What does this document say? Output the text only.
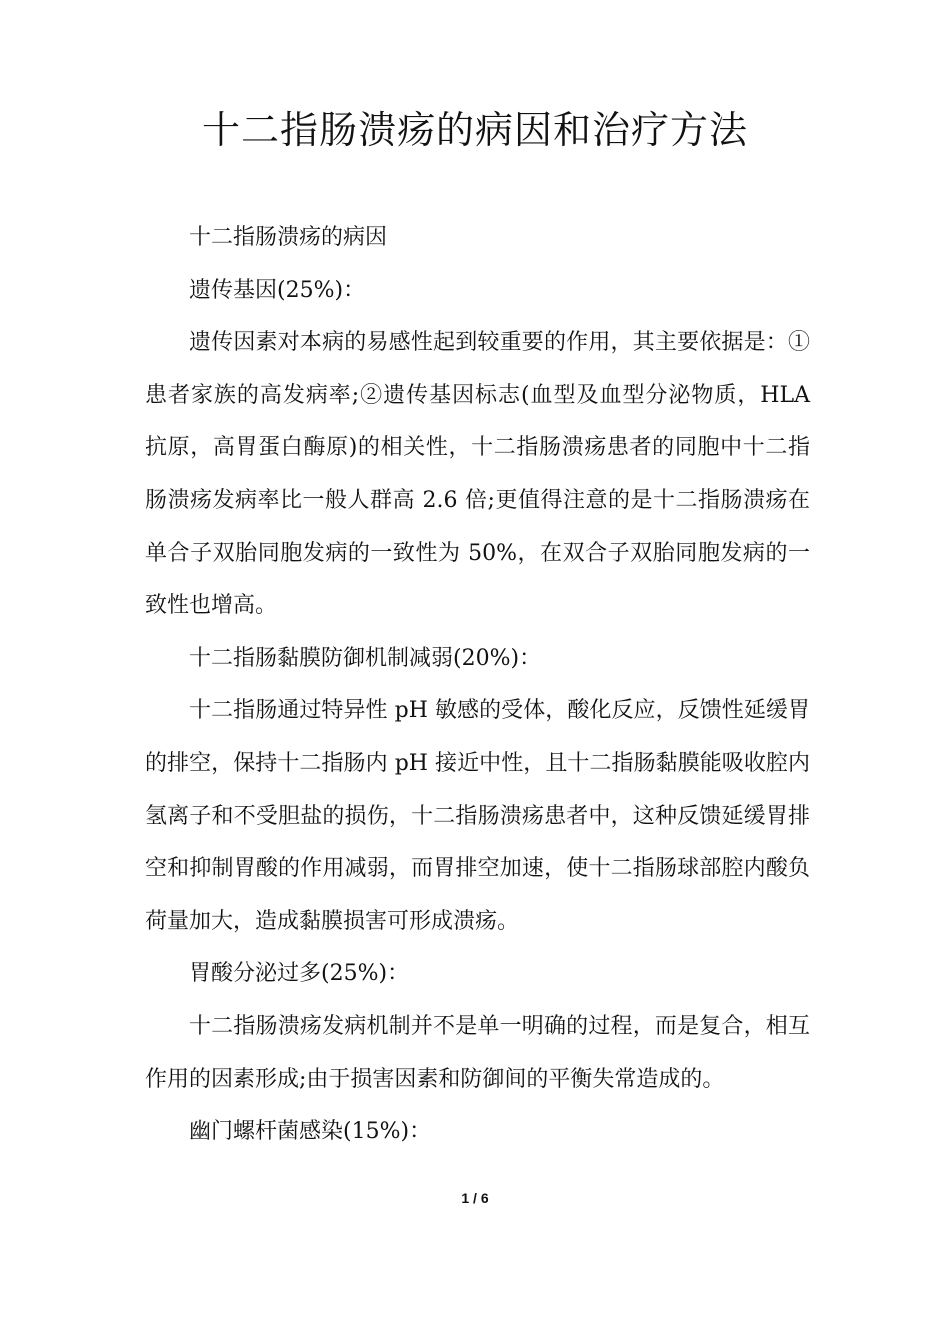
十二指肠溃疡的病因和治疗方法

十二指肠溃疡的病因

遗传基因(25%)：

遗传因素对本病的易感性起到较重要的作用，其主要依据是：①患者家族的高发病率;②遗传基因标志(血型及血型分泌物质，HLA 抗原，高胃蛋白酶原)的相关性，十二指肠溃疡患者的同胞中十二指肠溃疡发病率比一般人群高 2.6 倍;更值得注意的是十二指肠溃疡在单合子双胎同胞发病的一致性为 50%，在双合子双胎同胞发病的一致性也增高。

十二指肠黏膜防御机制减弱(20%)：

十二指肠通过特异性 pH 敏感的受体，酸化反应，反馈性延缓胃的排空，保持十二指肠内 pH 接近中性，且十二指肠黏膜能吸收腔内氢离子和不受胆盐的损伤，十二指肠溃疡患者中，这种反馈延缓胃排空和抑制胃酸的作用减弱，而胃排空加速，使十二指肠球部腔内酸负荷量加大，造成黏膜损害可形成溃疡。

胃酸分泌过多(25%)：

十二指肠溃疡发病机制并不是单一明确的过程，而是复合，相互作用的因素形成;由于损害因素和防御间的平衡失常造成的。

幽门螺杆菌感染(15%)：

1 / 6
